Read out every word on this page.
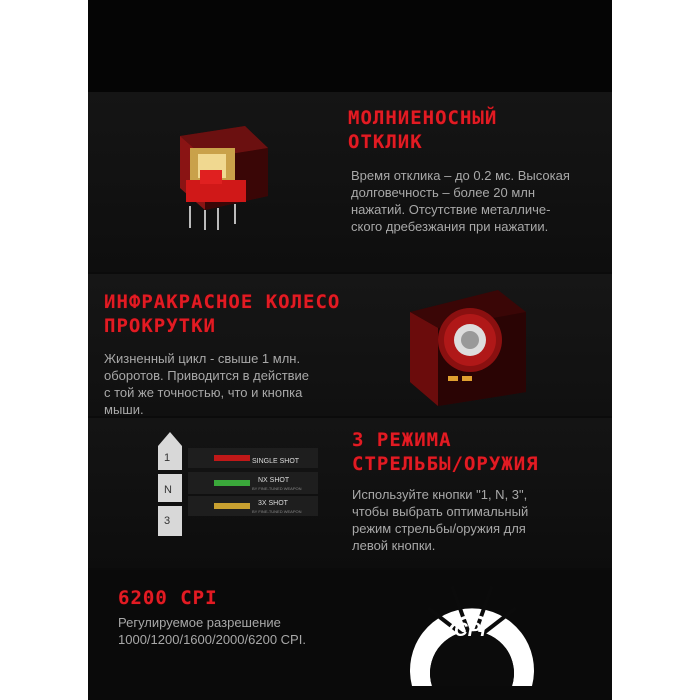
МОЛНИЕНОСНЫЙ
ОТКЛИК
Время отклика – до 0.2 мс. Высокая
долговечность – более 20 млн
нажатий. Отсутствие металличе-
ского дребезжания при нажатии.
ИНФРАКРАСНОЕ КОЛЕСО
ПРОКРУТКИ
Жизненный цикл - свыше 1 млн.
оборотов. Приводится в действие
с той же точностью, что и кнопка
мыши.
1
N
3
SINGLE SHOT
NX SHOT
BY FINE-TUNED WEAPON
3X SHOT
BY FINE-TUNED WEAPON
3 РЕЖИМА
СТРЕЛЬБЫ/ОРУЖИЯ
Используйте кнопки "1, N, 3",
чтобы выбрать оптимальный
режим стрельбы/оружия для
левой кнопки.
6200 CPI
Регулируемое разрешение
1000/1200/1600/2000/6200 CPI.	CPI
